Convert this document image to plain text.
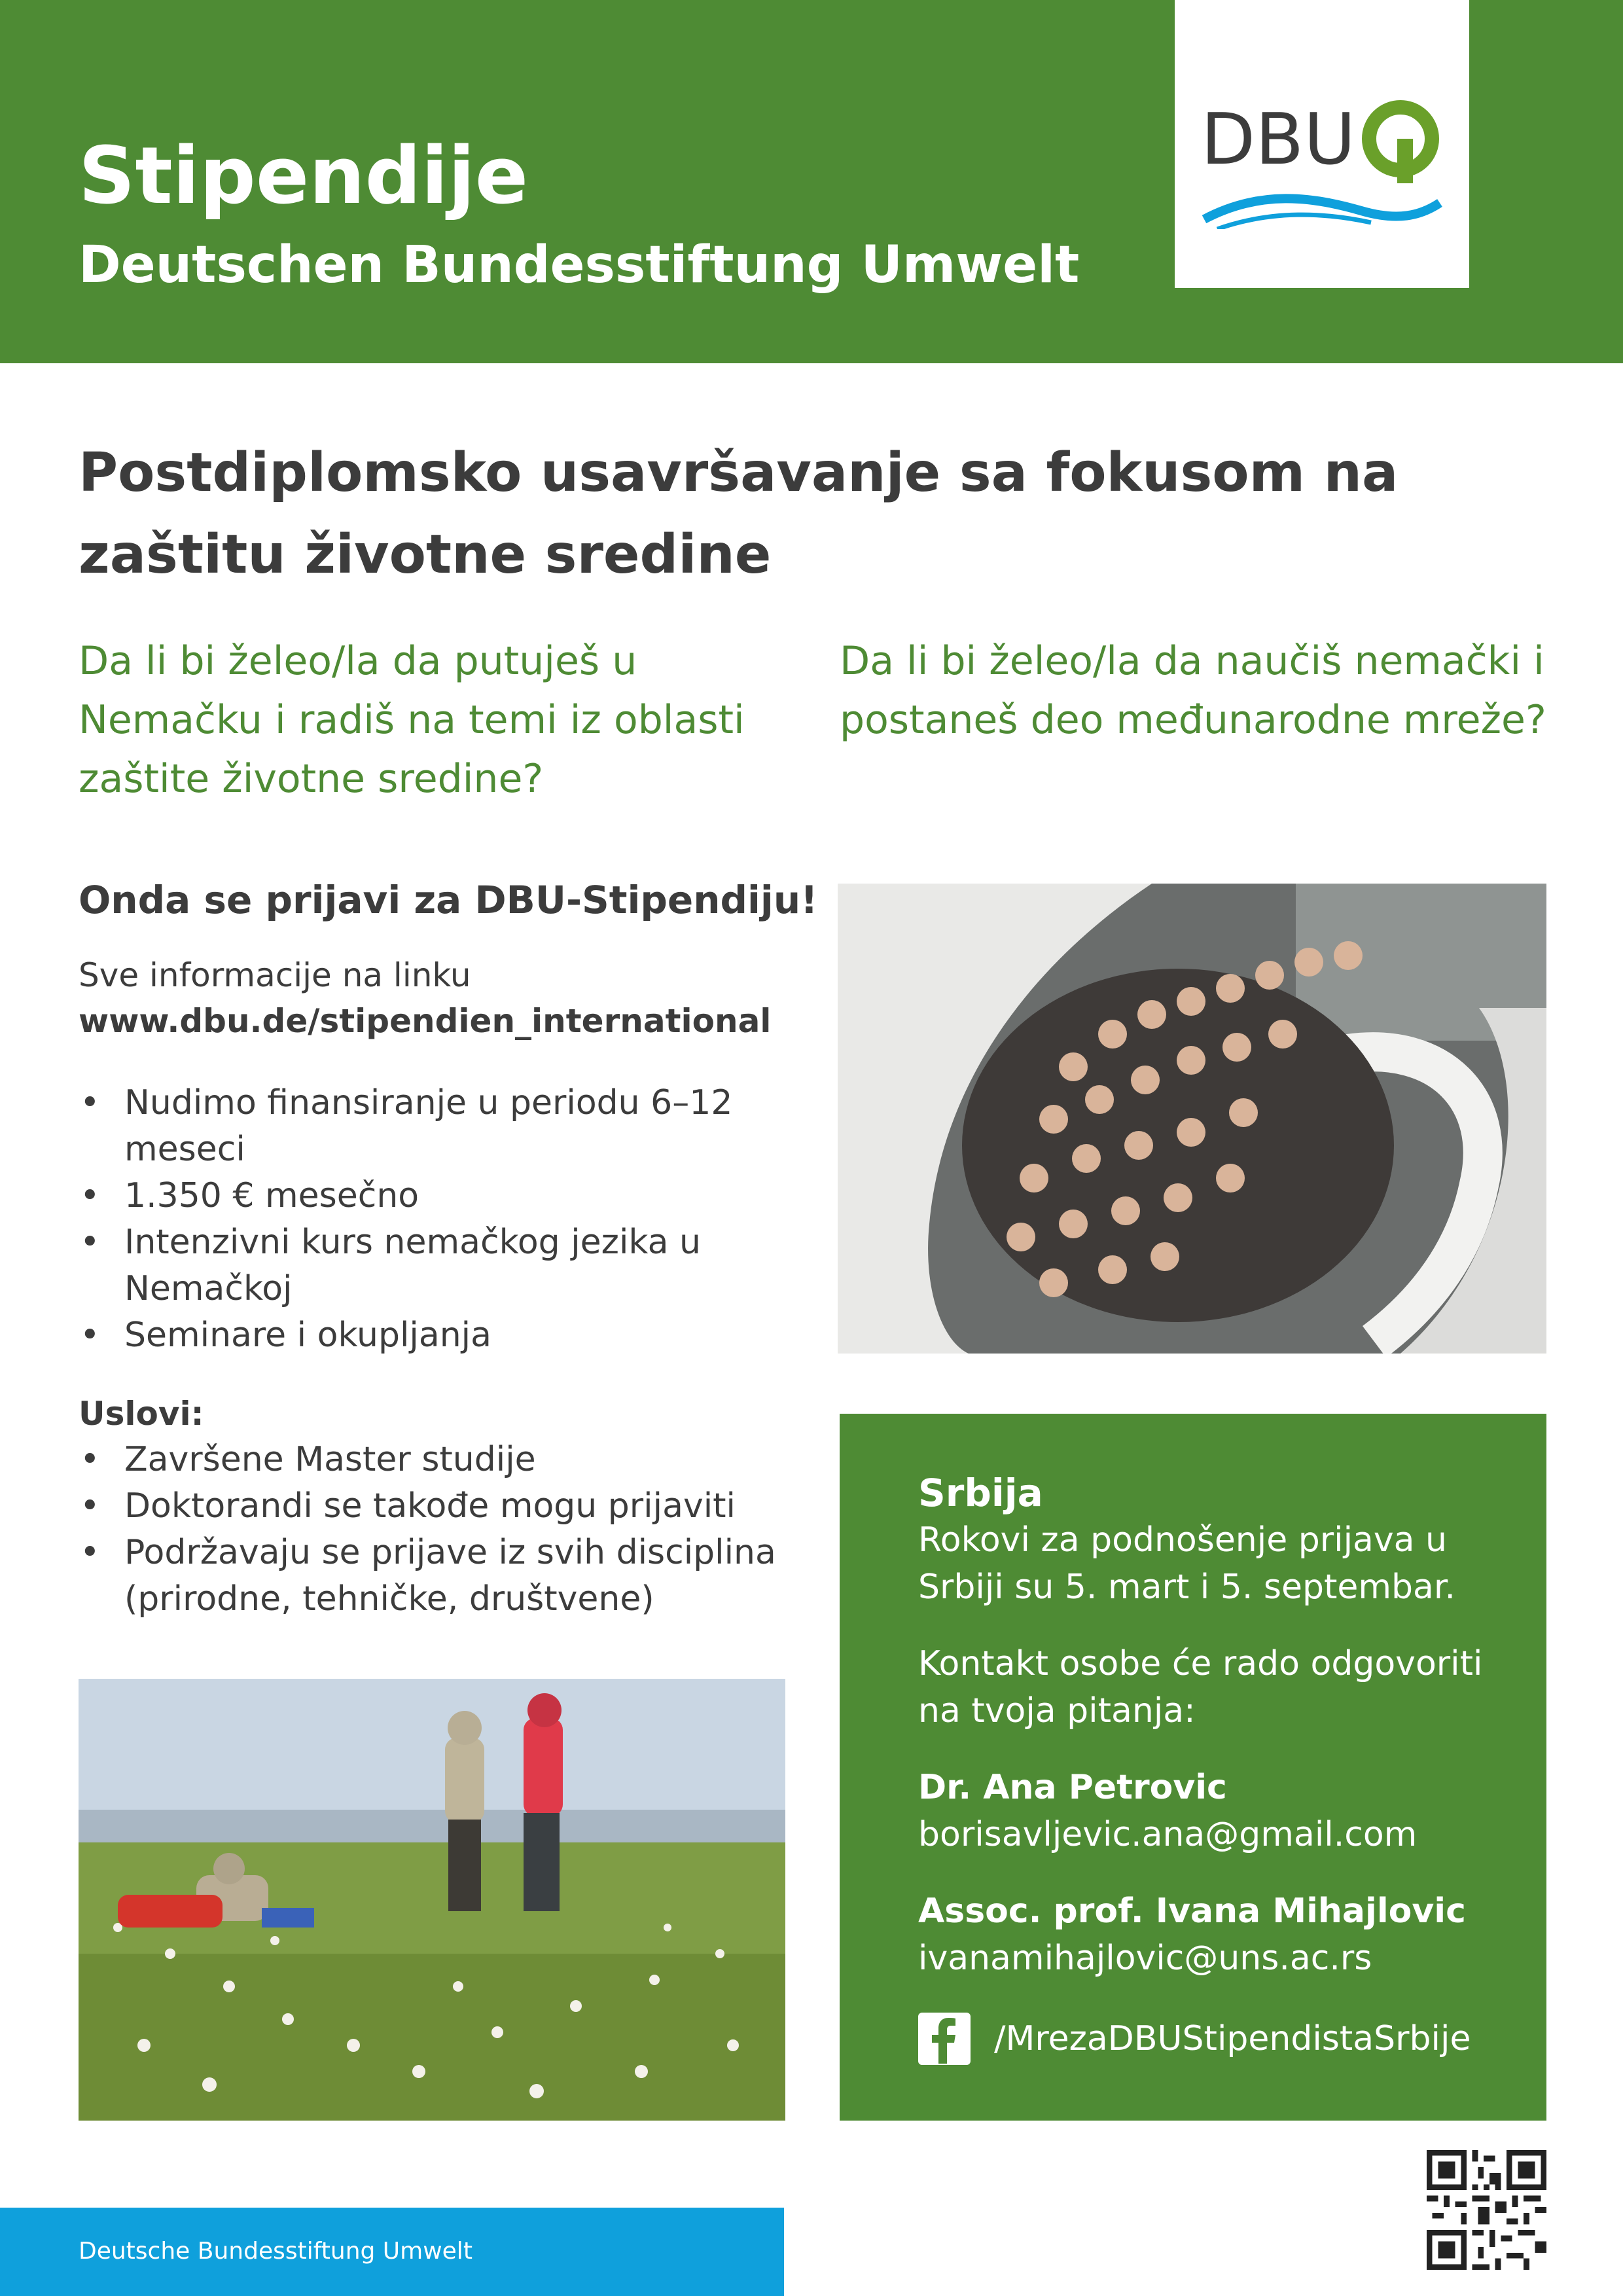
Stipendije
Deutschen Bundesstiftung Umwelt
DBU
Postdiplomsko usavršavanje sa fokusom na zaštitu životne sredine
Da li bi želeo/la da putuješ u Nemačku i radiš na temi iz oblasti zaštite životne sredine?
Da li bi želeo/la da naučiš nemački i postaneš deo međunarodne mreže?
Onda se prijavi za DBU-Stipendiju!
Sve informacije na linku
www.dbu.de/stipendien_international
• Nudimo finansiranje u periodu 6–12 meseci
• 1.350 € mesečno
• Intenzivni kurs nemačkog jezika u Nemačkoj
• Seminare i okupljanja
Uslovi:
• Završene Master studije
• Doktorandi se takođe mogu prijaviti
• Podržavaju se prijave iz svih disciplina (prirodne, tehničke, društvene)
Srbija
Rokovi za podnošenje prijava u
Srbiji su 5. mart i 5. septembar.
Kontakt osobe će rado odgovoriti
na tvoja pitanja:
Dr. Ana Petrovic
borisavljevic.ana@gmail.com
Assoc. prof. Ivana Mihajlovic
ivanamihajlovic@uns.ac.rs
/MrezaDBUStipendistaSrbije
Deutsche Bundesstiftung Umwelt
